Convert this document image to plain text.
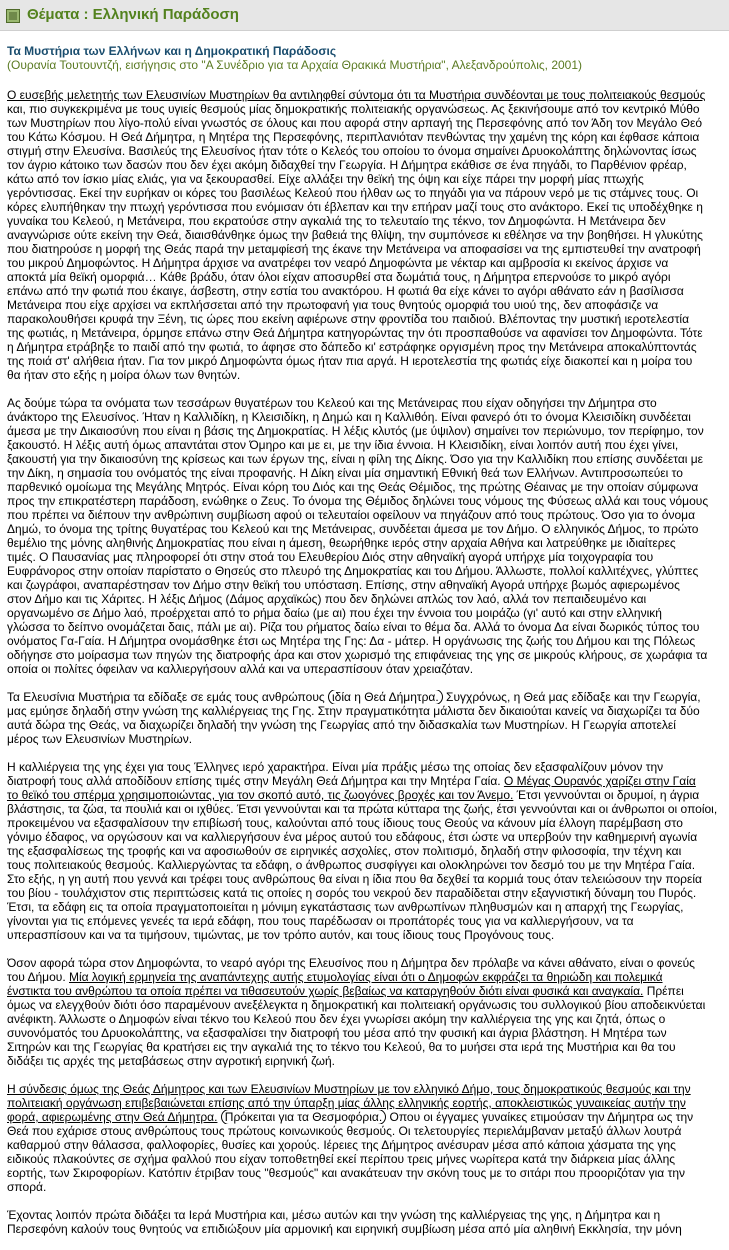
Θέματα : Ελληνική Παράδοση
Τα Μυστήρια των Ελλήνων και η Δημοκρατική Παράδοσις
(Ουρανία Τουτουντζή, εισήγησις στο "Α Συνέδριο για τα Αρχαία Θρακικά Μυστήρια", Αλεξανδρούπολις, 2001)
Ο ευσεβής μελετητής των Ελευσινίων Μυστηρίων θα αντιληφθεί σύντομα ότι τα Μυστήρια συνδέονται με τους πολιτειακούς θεσμούς
και, πιο συγκεκριμένα με τους υγιείς θεσμούς μίας δημοκρατικής πολιτειακής οργανώσεως. Ας ξεκινήσουμε από τον κεντρικό Μύθο
των Μυστηρίων που λίγο-πολύ είναι γνωστός σε όλους και που αφορά στην αρπαγή της Περσεφόνης από τον Άδη τον Μεγάλο Θεό
του Κάτω Κόσμου. Η Θεά Δήμητρα, η Μητέρα της Περσεφόνης, περιπλανιόταν πενθώντας την χαμένη της κόρη και έφθασε κάποια
στιγμή στην Ελευσίνα. Βασιλεύς της Ελευσίνος ήταν τότε ο Κελεός του οποίου το όνομα σημαίνει Δρυοκολάπτης δηλώνοντας ίσως
τον άγριο κάτοικο των δασών που δεν έχει ακόμη διδαχθεί την Γεωργία. Η Δήμητρα εκάθισε σε ένα πηγάδι, το Παρθένιον φρέαρ,
κάτω από τον ίσκιο μίας ελιάς, για να ξεκουρασθεί. Είχε αλλάξει την θεϊκή της όψη και είχε πάρει την μορφή μίας πτωχής
γερόντισσας. Εκεί την ευρήκαν οι κόρες του βασιλέως Κελεού που ήλθαν ως το πηγάδι για να πάρουν νερό με τις στάμνες τους. Οι
κόρες ελυπήθηκαν την πτωχή γερόντισσα που ενόμισαν ότι έβλεπαν και την επήραν μαζί τους στο ανάκτορο. Εκεί τις υποδέχθηκε η
γυναίκα του Κελεού, η Μετάνειρα, που εκρατούσε στην αγκαλιά της το τελευταίο της τέκνο, τον Δημοφώντα. Η Μετάνειρα δεν
αναγνώρισε ούτε εκείνη την Θεά, διαισθάνθηκε όμως την βαθειά της θλίψη, την συμπόνεσε κι εθέλησε να την βοηθήσει. Η γλυκύτης
που διατηρούσε η μορφή της Θεάς παρά την μεταμφίεσή της έκανε την Μετάνειρα να αποφασίσει να της εμπιστευθεί την ανατροφή
του μικρού Δημοφώντος. Η Δήμητρα άρχισε να ανατρέφει τον νεαρό Δημοφώντα με νέκταρ και αμβροσία κι εκείνος άρχισε να
αποκτά μία θεϊκή ομορφιά… Κάθε βράδυ, όταν όλοι είχαν αποσυρθεί στα δωμάτιά τους, η Δήμητρα επερνούσε το μικρό αγόρι
επάνω από την φωτιά που έκαιγε, άσβεστη, στην εστία του ανακτόρου. Η φωτιά θα είχε κάνει το αγόρι αθάνατο εάν η βασίλισσα
Μετάνειρα που είχε αρχίσει να εκπλήσσεται από την πρωτοφανή για τους θνητούς ομορφιά του υιού της, δεν αποφάσιζε να
παρακολουθήσει κρυφά την Ξένη, τις ώρες που εκείνη αφιέρωνε στην φροντίδα του παιδιού. Βλέποντας την μυστική ιεροτελεστία
της φωτιάς, η Μετάνειρα, όρμησε επάνω στην Θεά Δήμητρα κατηγορώντας την ότι προσπαθούσε να αφανίσει τον Δημοφώντα. Τότε
η Δήμητρα ετράβηξε το παιδί από την φωτιά, το άφησε στο δάπεδο κι' εστράφηκε οργισμένη προς την Μετάνειρα αποκαλύπτοντάς
της ποιά στ' αλήθεια ήταν. Για τον μικρό Δημοφώντα όμως ήταν πια αργά. Η ιεροτελεστία της φωτιάς είχε διακοπεί και η μοίρα του
θα ήταν στο εξής η μοίρα όλων των θνητών.
Ας δούμε τώρα τα ονόματα των τεσσάρων θυγατέρων του Κελεού και της Μετάνειρας που είχαν οδηγήσει την Δήμητρα στο
άνάκτορο της Ελευσίνος. Ήταν η Καλλιδίκη, η Κλεισιδίκη, η Δημώ και η Καλλιθόη. Είναι φανερό ότι το όνομα Κλεισιδίκη συνδέεται
άμεσα με την Δικαιοσύνη που είναι η βάσις της Δημοκρατίας. Η λέξις κλυτός (με ύψιλον) σημαίνει τον περιώνυμο, τον περίφημο, τον
ξακουστό. Η λέξις αυτή όμως απαντάται στον Όμηρο και με ει, με την ίδια έννοια. Η Κλεισιδίκη, είναι λοιπόν αυτή που έχει γίνει,
ξακουστή για την δικαιοσύνη της κρίσεως και των έργων της, είναι η φίλη της Δίκης. Όσο για την Καλλιδίκη που επίσης συνδέεται με
την Δίκη, η σημασία του ονόματός της είναι προφανής. Η Δίκη είναι μία σημαντική Εθνική θεά των Ελλήνων. Αντιπροσωπεύει το
παρθενικό ομοίωμα της Μεγάλης Μητρός. Είναι κόρη του Διός και της Θεάς Θέμιδος, της πρώτης Θέαινας με την οποίαν σύμφωνα
προς την επικρατέστερη παράδοση, ενώθηκε ο Ζευς. Το όνομα της Θέμιδος δηλώνει τους νόμους της Φύσεως αλλά και τους νόμους
που πρέπει να διέπουν την ανθρώπινη συμβίωση αφού οι τελευταίοι οφείλουν να πηγάζουν από τους πρώτους. Όσο για το όνομα
Δημώ, το όνομα της τρίτης θυγατέρας του Κελεού και της Μετάνειρας, συνδέεται άμεσα με τον Δήμο. Ο ελληνικός Δήμος, το πρώτο
θεμέλιο της μόνης αληθινής Δημοκρατίας που είναι η άμεση, θεωρήθηκε ιερός στην αρχαία Αθήνα και λατρεύθηκε με ιδιαίτερες
τιμές. Ο Παυσανίας μας πληροφορεί ότι στην στοά του Ελευθερίου Διός στην αθηναϊκή αγορά υπήρχε μία τοιχογραφία του
Ευφράνορος στην οποίαν παρίστατο ο Θησεύς στο πλευρό της Δημοκρατίας και του Δήμου. Άλλωστε, πολλοί καλλιτέχνες, γλύπτες
και ζωγράφοι, αναπαρέστησαν τον Δήμο στην θεϊκή του υπόσταση. Επίσης, στην αθηναϊκή Αγορά υπήρχε βωμός αφιερωμένος
στον Δήμο και τις Χάριτες. Η λέξις Δήμος (Δάμος αρχαϊκώς) που δεν δηλώνει απλώς τον λαό, αλλά τον πεπαιδευμένο και
οργανωμένο σε Δήμο λαό, προέρχεται από το ρήμα δαίω (με αι) που έχει την έννοια του μοιράζω (γι' αυτό και στην ελληνική
γλώσσα το δείπνο ονομάζεται δαις, πάλι με αι). Ρίζα του ρήματος δαίω είναι το θέμα δα. Αλλά το όνομα Δα είναι δωρικός τύπος του
ονόματος Γα-Γαία. Η Δήμητρα ονομάσθηκε έτσι ως Μητέρα της Γης: Δα - μάτερ. Η οργάνωσις της ζωής του Δήμου και της Πόλεως
οδήγησε στο μοίρασμα των πηγών της διατροφής άρα και στον χωρισμό της επιφάνειας της γης σε μικρούς κλήρους, σε χωράφια τα
οποία οι πολίτες όφειλαν να καλλιεργήσουν αλλά και να υπερασπίσουν όταν χρειαζόταν.
Τα Ελευσίνια Μυστήρια τα εδίδαξε σε εμάς τους ανθρώπους ιδία η Θεά Δήμητρα. Συγχρόνως, η Θεά μας εδίδαξε και την Γεωργία,
μας εμύησε δηλαδή στην γνώση της καλλιέργειας της Γης. Στην πραγματικότητα μάλιστα δεν δικαιούται κανείς να διαχωρίζει τα δύο
αυτά δώρα της Θεάς, να διαχωρίζει δηλαδή την γνώση της Γεωργίας από την διδασκαλία των Μυστηρίων. Η Γεωργία αποτελεί
μέρος των Ελευσινίων Μυστηρίων.
Η καλλιέργεια της γης έχει για τους Έλληνες ιερό χαρακτήρα. Είναι μία πράξις μέσω της οποίας δεν εξασφαλίζουν μόνον την
διατροφή τους αλλά αποδίδουν επίσης τιμές στην Μεγάλη Θεά Δήμητρα και την Μητέρα Γαία. Ο Μέγας Ουρανός χαρίζει στην Γαία
το θεϊκό του σπέρμα χρησιμοποιώντας, για τον σκοπό αυτό, τις ζωογόνες βροχές και τον Άνεμο. Έτσι γεννούνται οι δρυμοί, η άγρια
βλάστησις, τα ζώα, τα πουλιά και οι ιχθύες. Έτσι γεννούνται και τα πρώτα κύτταρα της ζωής, έτσι γεννούνται και οι άνθρωποι οι οποίοι,
προκειμένου να εξασφαλίσουν την επιβίωσή τους, καλούνται από τους ίδιους τους Θεούς να κάνουν μία έλλογη παρέμβαση στο
γόνιμο έδαφος, να οργώσουν και να καλλιεργήσουν ένα μέρος αυτού του εδάφους, έτσι ώστε να υπερβούν την καθημερινή αγωνία
της εξασφαλίσεως της τροφής και να αφοσιωθούν σε ειρηνικές ασχολίες, στον πολιτισμό, δηλαδή στην φιλοσοφία, την τέχνη και
τους πολιτειακούς θεσμούς. Καλλιεργώντας τα εδάφη, ο άνθρωπος συσφίγγει και ολοκληρώνει τον δεσμό του με την Μητέρα Γαία.
Στο εξής, η γη αυτή που γεννά και τρέφει τους ανθρώπους θα είναι η ίδια που θα δεχθεί τα κορμιά τους όταν τελειώσουν την πορεία
του βίου - τουλάχιστον στις περιπτώσεις κατά τις οποίες η σορός του νεκρού δεν παραδίδεται στην εξαγνιστική δύναμη του Πυρός.
Έτσι, τα εδάφη εις τα οποία πραγματοποιείται η μόνιμη εγκατάστασις των ανθρωπίνων πληθυσμών και η απαρχή της Γεωργίας,
γίνονται για τις επόμενες γενεές τα ιερά εδάφη, που τους παρέδωσαν οι προπάτορές τους για να καλλιεργήσουν, να τα
υπερασπίσουν και να τα τιμήσουν, τιμώντας, με τον τρόπο αυτόν, και τους ίδιους τους Προγόνους τους.
Όσον αφορά τώρα στον Δημοφώντα, το νεαρό αγόρι της Ελευσίνος που η Δήμητρα δεν πρόλαβε να κάνει αθάνατο, είναι ο φονεύς
του Δήμου. Μία λογική ερμηνεία της αναπάντεχης αυτής ετυμολογίας είναι ότι ο Δημοφών εκφράζει τα θηριώδη και πολεμικά
ένστικτα του ανθρώπου τα οποία πρέπει να τιθασευτούν χωρίς βεβαίως να καταργηθούν διότι είναι φυσικά και αναγκαία. Πρέπει
όμως να ελεγχθούν διότι όσο παραμένουν ανεξέλεγκτα η δημοκρατική και πολιτειακή οργάνωσις του συλλογικού βίου αποδεικνύεται
ανέφικτη. Άλλωστε ο Δημοφών είναι τέκνο του Κελεού που δεν έχει γνωρίσει ακόμη την καλλιέργεια της γης και ζητά, όπως ο
συνονόματός του Δρυοκολάπτης, να εξασφαλίσει την διατροφή του μέσα από την φυσική και άγρια βλάστηση. Η Μητέρα των
Σιτηρών και της Γεωργίας θα κρατήσει εις την αγκαλιά της το τέκνο του Κελεού, θα το μυήσει στα ιερά της Μυστήρια και θα του
διδάξει τις αρχές της μεταβάσεως στην αγροτική ειρηνική ζωή.
Η σύνδεσις όμως της Θεάς Δήμητρος και των Ελευσινίων Μυστηρίων με τον ελληνικό Δήμο, τους δημοκρατικούς θεσμούς και την
πολιτειακή οργάνωση επιβεβαιώνεται επίσης από την ύπαρξη μίας άλλης ελληνικής εορτής, αποκλειστικώς γυναικείας αυτήν την
φορά, αφιερωμένης στην Θεά Δήμητρα. Πρόκειται για τα Θεσμοφόρια. Οπου οι έγγαμες γυναίκες ετιμούσαν την Δήμητρα ως την
Θεά που εχάρισε στους ανθρώπους τους πρώτους κοινωνικούς θεσμούς. Οι τελετουργίες περιελάμβαναν μεταξύ άλλων λουτρά
καθαρμού στην θάλασσα, φαλλοφορίες, θυσίες και χορούς. Ιέρειες της Δήμητρος ανέσυραν μέσα από κάποια χάσματα της γης
ειδικούς πλακούντες σε σχήμα φαλλού που είχαν τοποθετηθεί εκεί περίπου τρεις μήνες νωρίτερα κατά την διάρκεια μίας άλλης
εορτής, των Σκιροφορίων. Κατόπιν έτριβαν τους "θεσμούς" και ανακάτευαν την σκόνη τους με το σιτάρι που προοριζόταν για την
σπορά.
Έχοντας λοιπόν πρώτα διδάξει τα Ιερά Μυστήρια και, μέσω αυτών και την γνώση της καλλιέργειας της γης, η Δήμητρα και η
Περσεφόνη καλούν τους θνητούς να επιδιώξουν μία αρμονική και ειρηνική συμβίωση μέσα από μία αληθινή Εκκλησία, την μόνη
